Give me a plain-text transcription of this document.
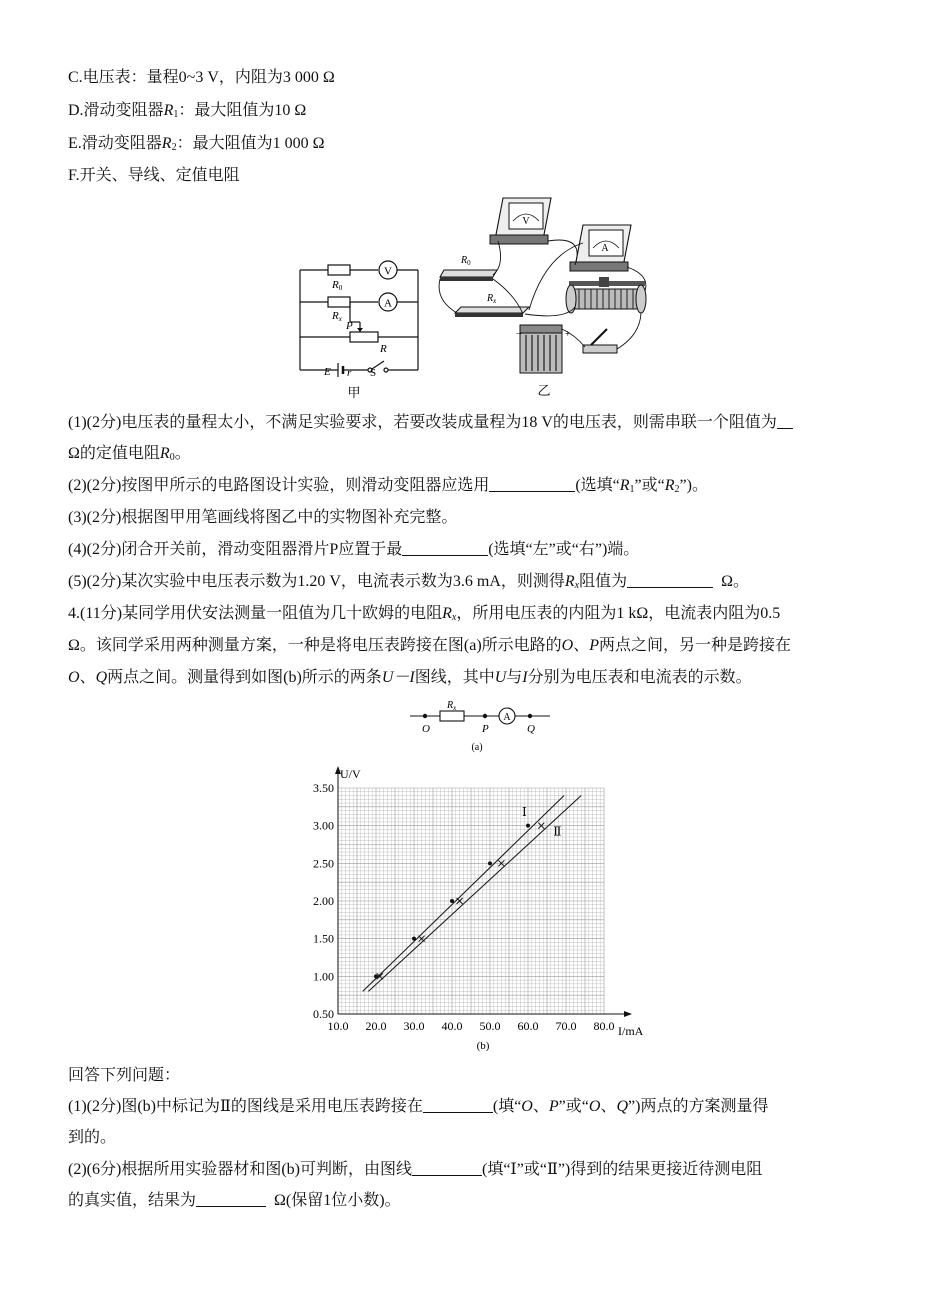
C.电压表：量程0~3 V，内阻为3 000 Ω
D.滑动变阻器$R_1$：最大阻值为10 Ω
E.滑动变阻器$R_2$：最大阻值为1 000 Ω
F.开关、导线、定值电阻
V
A
R0
Rx
P
R
E r S
甲
V
A
$R_0$
$R_x$
−	+
乙
(1)(2分)电压表的量程太小，不满足实验要求，若要改装成量程为18 V的电压表，则需串联一个阻值为
Ω的定值电阻$R_0$。
(2)(2分)按图甲所示的电路图设计实验，则滑动变阻器应选用	(选填“$R_1$”或“$R_2$”)。
(3)(2分)根据图甲用笔画线将图乙中的实物图补充完整。
(4)(2分)闭合开关前，滑动变阻器滑片P应置于最	(选填“左”或“右”)端。
(5)(2分)某次实验中电压表示数为1.20 V，电流表示数为3.6 mA，则测得$R_x$阻值为	Ω。
4.(11分)某同学用伏安法测量一阻值为几十欧姆的电阻$R_x$，所用电压表的内阻为1 kΩ，电流表内阻为0.5
Ω。该同学采用两种测量方案，一种是将电压表跨接在图(a)所示电路的O、P两点之间，另一种是跨接在
O、Q两点之间。测量得到如图(b)所示的两条U－I图线，其中U与I分别为电压表和电流表的示数。
A
$R_x$
O	P	Q
(a)
10.0 20.0 30.0 40.0 50.0 60.0 70.0 80.0
0.50
1.00
1.50
2.00
2.50
3.00
3.50
Ⅰ
Ⅱ
U/V
I/mA
(b)
回答下列问题：
(1)(2分)图(b)中标记为Ⅱ的图线是采用电压表跨接在	(填“O、P”或“O、Q”)两点的方案测量得
到的。
(2)(6分)根据所用实验器材和图(b)可判断，由图线	(填“Ⅰ”或“Ⅱ”)得到的结果更接近待测电阻
的真实值，结果为	Ω(保留1位小数)。
